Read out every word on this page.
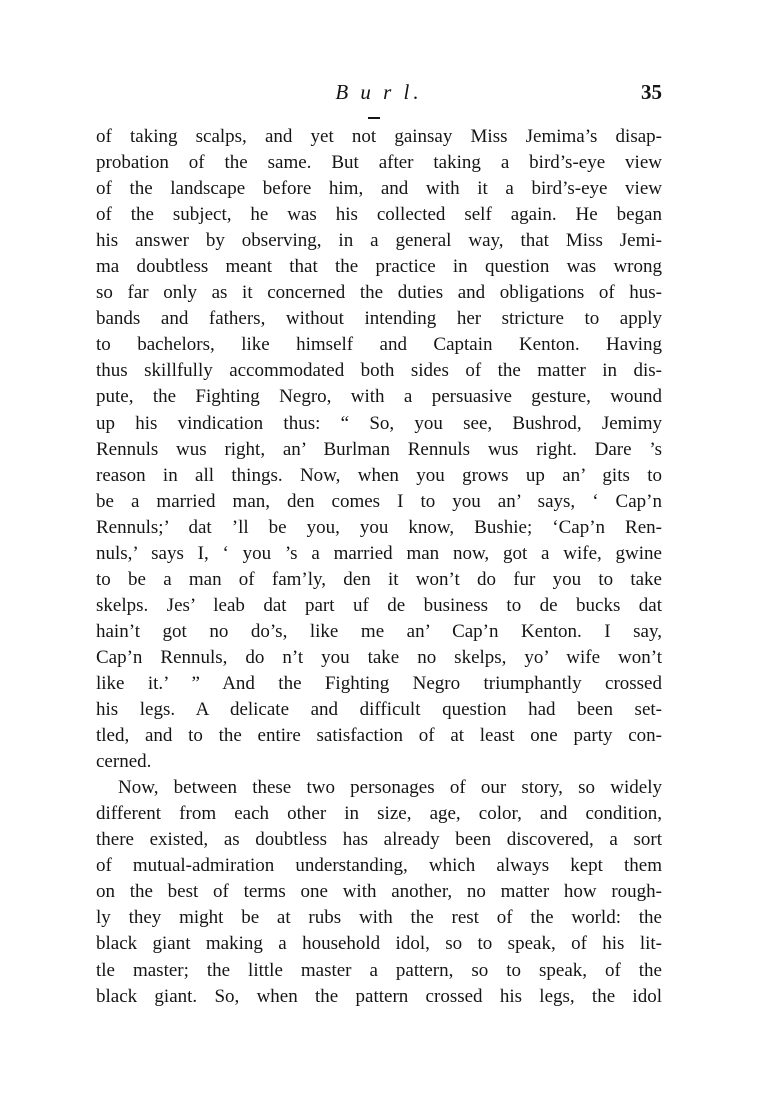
B u r l.	35
of taking scalps, and yet not gainsay Miss Jemima’s disap-
probation of the same. But after taking a bird’s-eye view
of the landscape before him, and with it a bird’s-eye view
of the subject, he was his collected self again. He began
his answer by observing, in a general way, that Miss Jemi-
ma doubtless meant that the practice in question was wrong
so far only as it concerned the duties and obligations of hus-
bands and fathers, without intending her stricture to apply
to bachelors, like himself and Captain Kenton. Having
thus skillfully accommodated both sides of the matter in dis-
pute, the Fighting Negro, with a persuasive gesture, wound
up his vindication thus: “ So, you see, Bushrod, Jemimy
Rennuls wus right, an’ Burlman Rennuls wus right. Dare ’s
reason in all things. Now, when you grows up an’ gits to
be a married man, den comes I to you an’ says, ‘ Cap’n
Rennuls;’ dat ’ll be you, you know, Bushie; ‘Cap’n Ren-
nuls,’ says I, ‘ you ’s a married man now, got a wife, gwine
to be a man of fam’ly, den it won’t do fur you to take
skelps. Jes’ leab dat part uf de business to de bucks dat
hain’t got no do’s, like me an’ Cap’n Kenton. I say,
Cap’n Rennuls, do n’t you take no skelps, yo’ wife won’t
like it.’ ” And the Fighting Negro triumphantly crossed
his legs. A delicate and difficult question had been set-
tled, and to the entire satisfaction of at least one party con-
cerned.
Now, between these two personages of our story, so widely
different from each other in size, age, color, and condition,
there existed, as doubtless has already been discovered, a sort
of mutual-admiration understanding, which always kept them
on the best of terms one with another, no matter how rough-
ly they might be at rubs with the rest of the world: the
black giant making a household idol, so to speak, of his lit-
tle master; the little master a pattern, so to speak, of the
black giant. So, when the pattern crossed his legs, the idol
